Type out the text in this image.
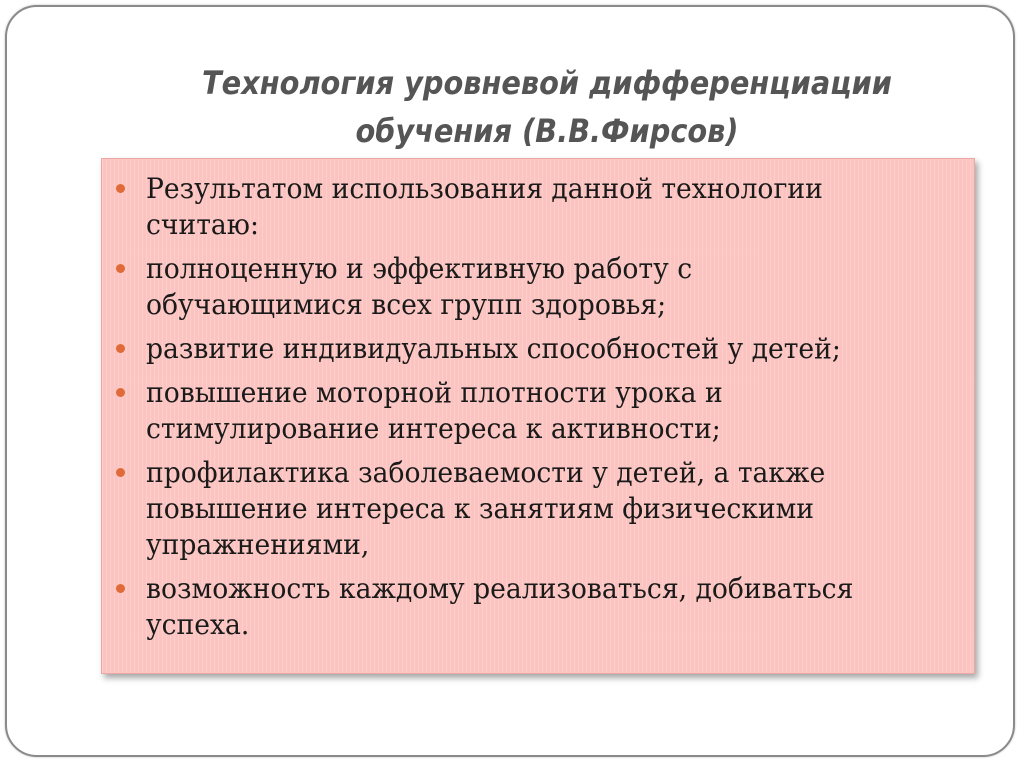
Технология уровневой дифференциации
обучения (В.В.Фирсов)
Результатом использования данной технологии
считаю:
полноценную и эффективную работу с
обучающимися всех групп здоровья;
развитие индивидуальных способностей у детей;
повышение моторной плотности урока и
стимулирование интереса к активности;
профилактика заболеваемости у детей, а также
повышение интереса к занятиям физическими
упражнениями,
возможность каждому реализоваться, добиваться
успеха.
